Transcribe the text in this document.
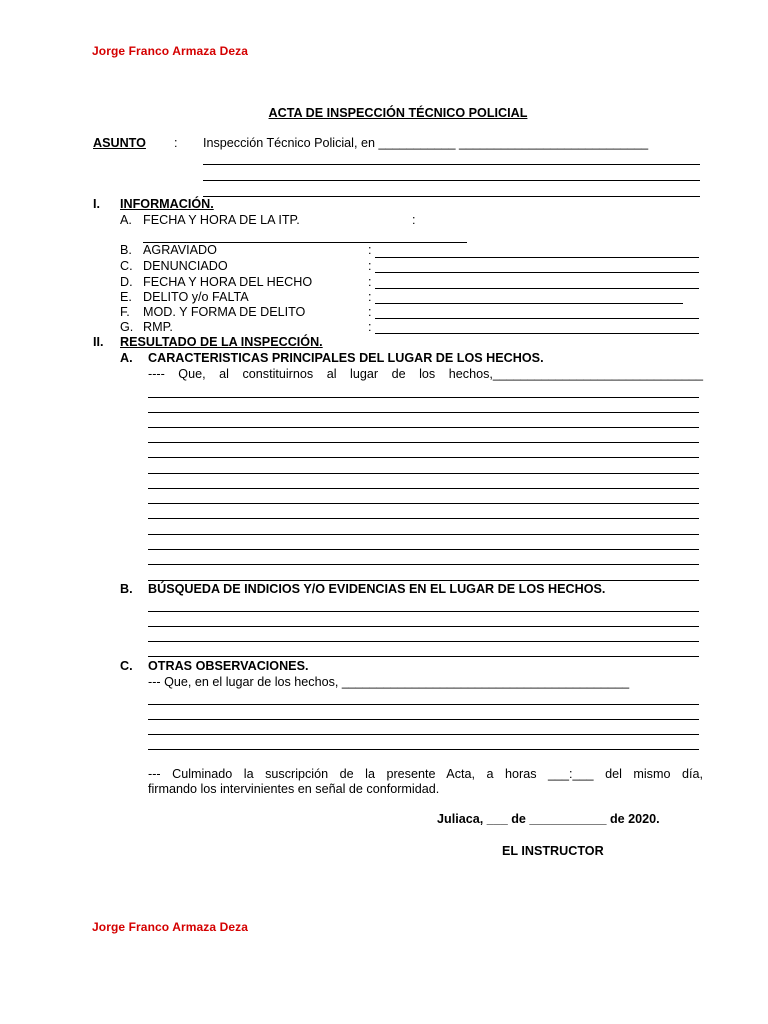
Jorge Franco Armaza Deza
ACTA DE INSPECCIÓN TÉCNICO POLICIAL
ASUNTO : Inspección Técnico Policial, en ___________ ___________________________
I. INFORMACIÓN.
A. FECHA Y HORA DE LA ITP.	:
B. AGRAVIADO	:
C. DENUNCIADO	:
D. FECHA Y HORA DEL HECHO	:
E. DELITO y/o FALTA	:
F. MOD. Y FORMA DE DELITO	:
G. RMP.	:
II. RESULTADO DE LA INSPECCIÓN.
A. CARACTERISTICAS PRINCIPALES DEL LUGAR DE LOS HECHOS.
---- Que, al constituirnos al lugar de los hechos,______________________________
B. BÚSQUEDA DE INDICIOS Y/O EVIDENCIAS EN EL LUGAR DE LOS HECHOS.
C. OTRAS OBSERVACIONES.
--- Que, en el lugar de los hechos, _________________________________________
--- Culminado la suscripción de la presente Acta, a horas ___:___ del mismo día,
firmando los intervinientes en señal de conformidad.
Juliaca, ___ de ___________ de 2020.
EL INSTRUCTOR
Jorge Franco Armaza Deza
